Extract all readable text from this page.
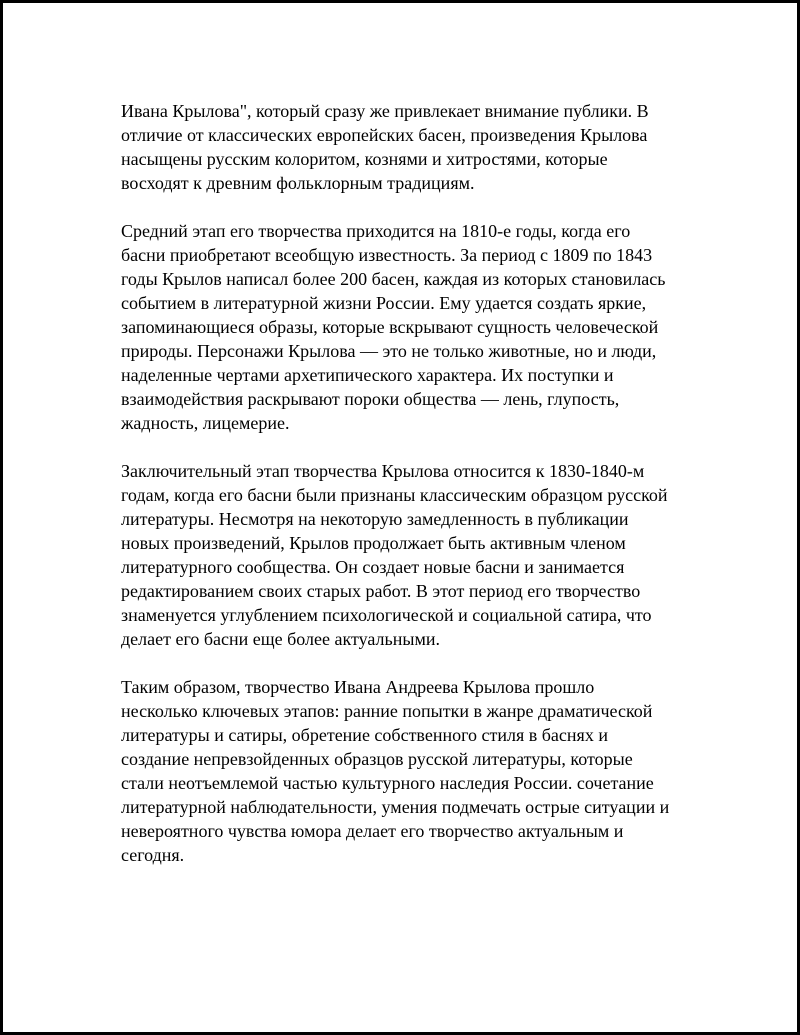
Ивана Крылова", который сразу же привлекает внимание публики. В
отличие от классических европейских басен, произведения Крылова
насыщены русским колоритом, кознями и хитростями, которые
восходят к древним фольклорным традициям.

Средний этап его творчества приходится на 1810-е годы, когда его
басни приобретают всеобщую известность. За период с 1809 по 1843
годы Крылов написал более 200 басен, каждая из которых становилась
событием в литературной жизни России. Ему удается создать яркие,
запоминающиеся образы, которые вскрывают сущность человеческой
природы. Персонажи Крылова — это не только животные, но и люди,
наделенные чертами архетипического характера. Их поступки и
взаимодействия раскрывают пороки общества — лень, глупость,
жадность, лицемерие.

Заключительный этап творчества Крылова относится к 1830-1840-м
годам, когда его басни были признаны классическим образцом русской
литературы. Несмотря на некоторую замедленность в публикации
новых произведений, Крылов продолжает быть активным членом
литературного сообщества. Он создает новые басни и занимается
редактированием своих старых работ. В этот период его творчество
знаменуется углублением психологической и социальной сатира, что
делает его басни еще более актуальными.

Таким образом, творчество Ивана Андреева Крылова прошло
несколько ключевых этапов: ранние попытки в жанре драматической
литературы и сатиры, обретение собственного стиля в баснях и
создание непревзойденных образцов русской литературы, которые
стали неотъемлемой частью культурного наследия России. сочетание
литературной наблюдательности, умения подмечать острые ситуации и
невероятного чувства юмора делает его творчество актуальным и
сегодня.
